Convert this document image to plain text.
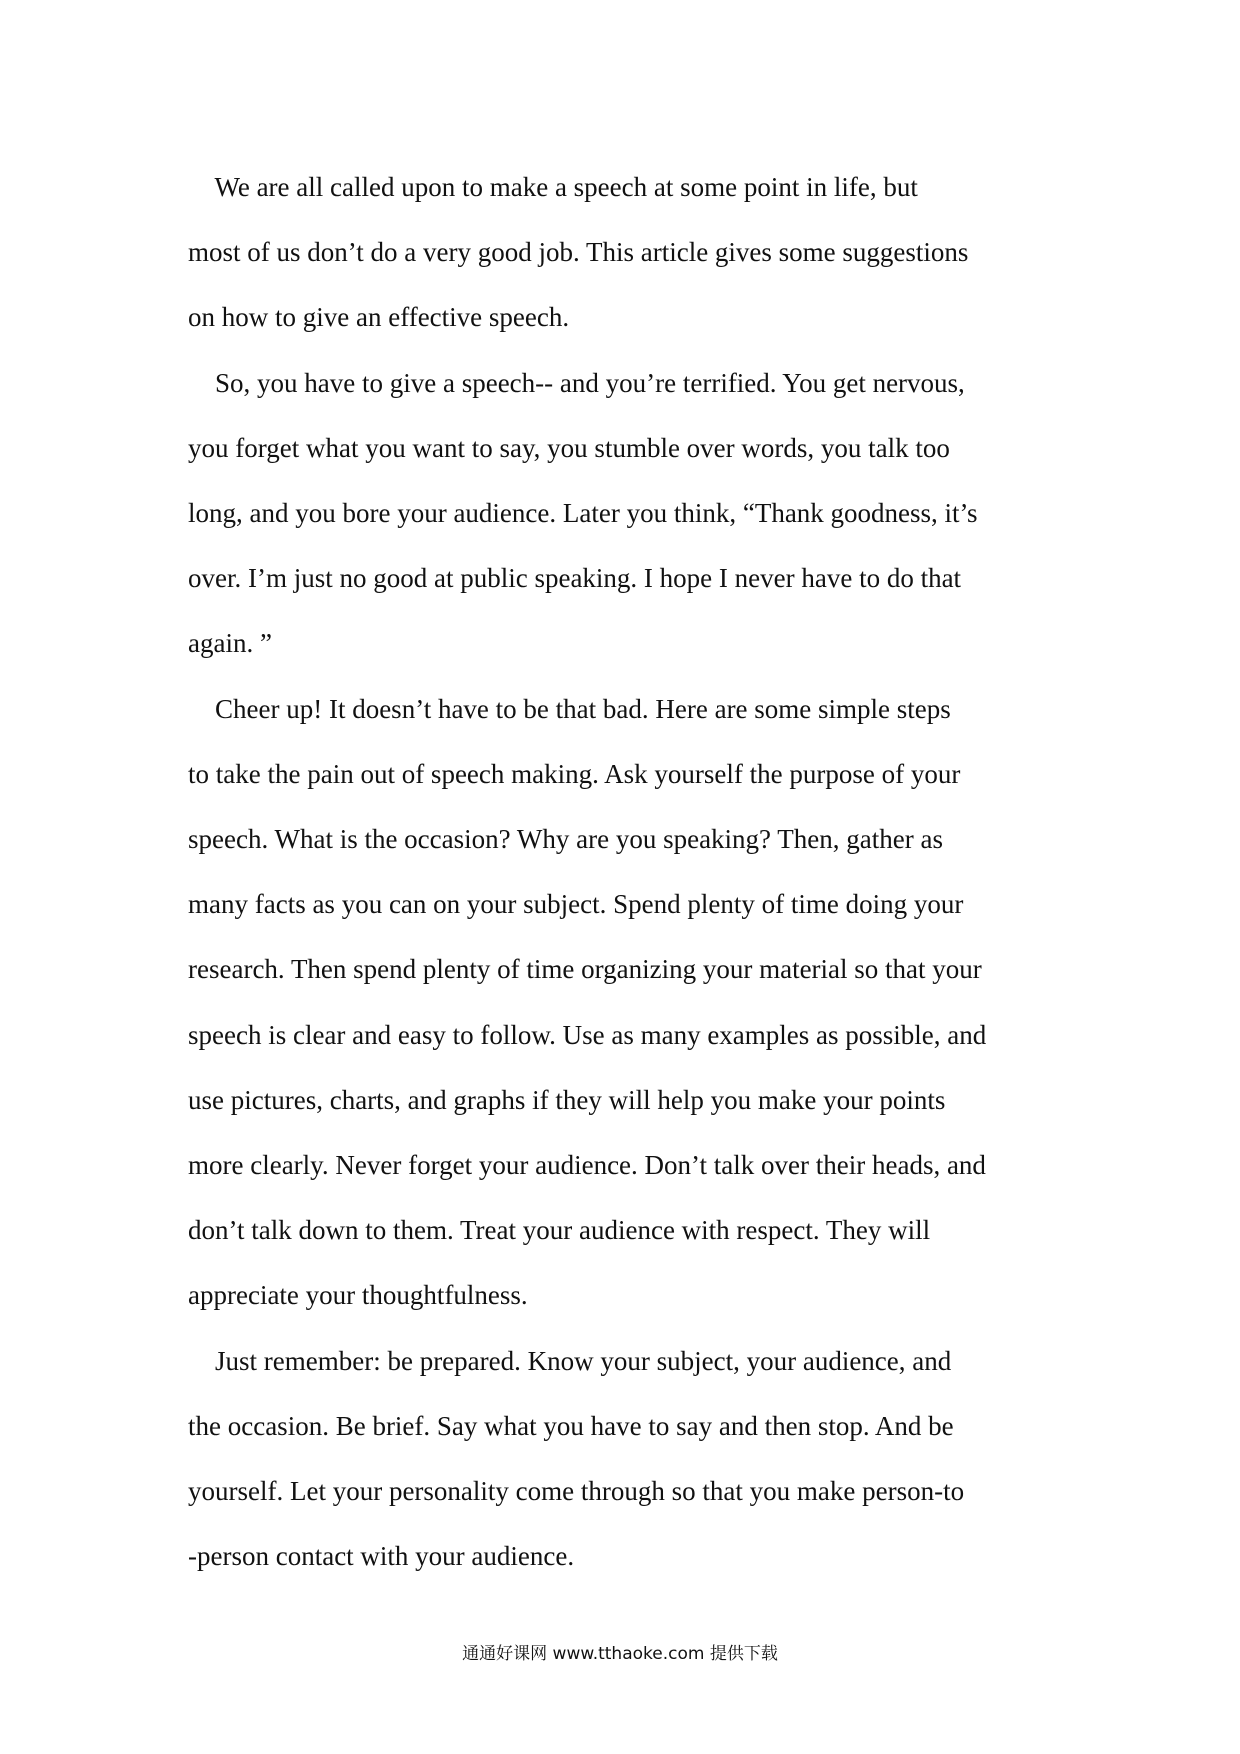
We are all called upon to make a speech at some point in life, but
most of us don’t do a very good job. This article gives some suggestions
on how to give an effective speech.
So, you have to give a speech-- and you’re terrified. You get nervous,
you forget what you want to say, you stumble over words, you talk too
long, and you bore your audience. Later you think, “Thank goodness, it’s
over. I’m just no good at public speaking. I hope I never have to do that
again. ”
Cheer up! It doesn’t have to be that bad. Here are some simple steps
to take the pain out of speech making. Ask yourself the purpose of your
speech. What is the occasion? Why are you speaking? Then, gather as
many facts as you can on your subject. Spend plenty of time doing your
research. Then spend plenty of time organizing your material so that your
speech is clear and easy to follow. Use as many examples as possible, and
use pictures, charts, and graphs if they will help you make your points
more clearly. Never forget your audience. Don’t talk over their heads, and
don’t talk down to them. Treat your audience with respect. They will
appreciate your thoughtfulness.
Just remember: be prepared. Know your subject, your audience, and
the occasion. Be brief. Say what you have to say and then stop. And be
yourself. Let your personality come through so that you make person-to
-person contact with your audience.
通通好课网 www.tthaoke.com 提供下载
